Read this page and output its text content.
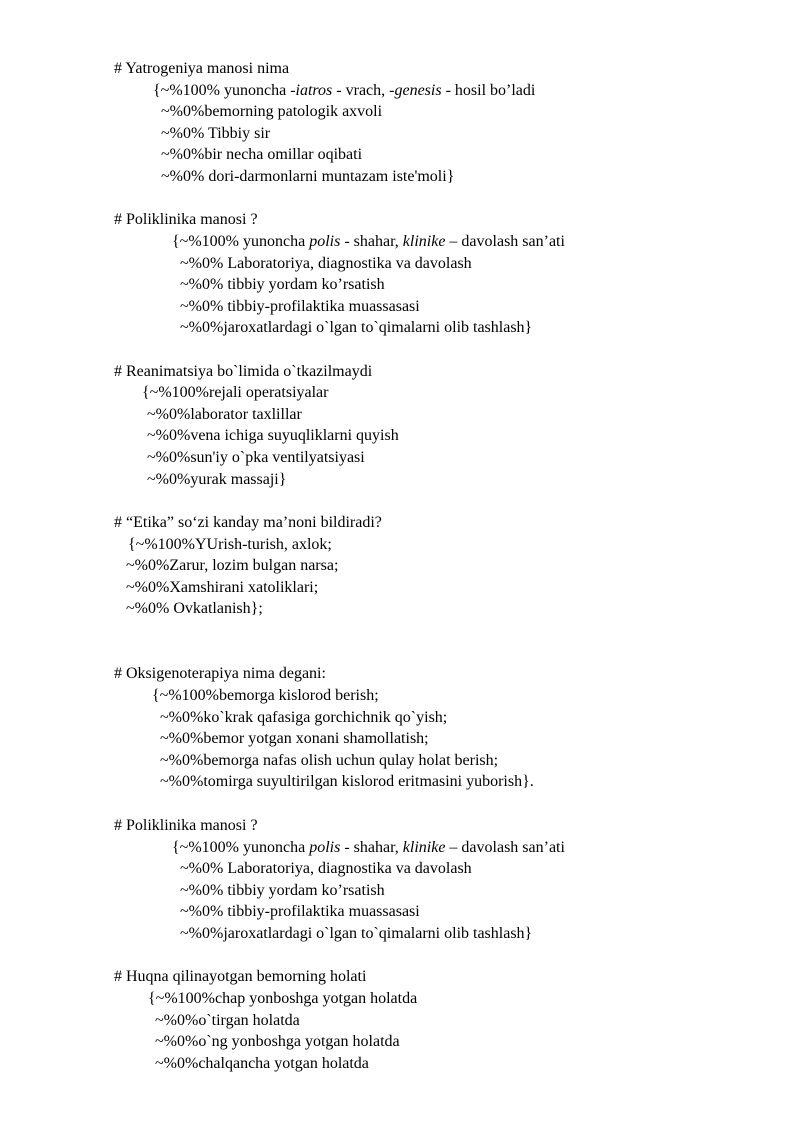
# Yatrogeniya manosi nima
{~%100% yunoncha -iatros - vrach, -genesis - hosil bo’ladi
~%0%bemorning patologik axvoli
~%0% Tibbiy sir
~%0%bir necha omillar oqibati
~%0% dori-darmonlarni muntazam iste'moli}
# Poliklinika manosi ?
{~%100% yunoncha polis - shahar, klinike – davolash san’ati
~%0% Laboratoriya, diagnostika va davolash
~%0% tibbiy yordam ko’rsatish
~%0% tibbiy-profilaktika muassasasi
~%0%jaroxatlardagi o`lgan to`qimalarni olib tashlash}
# Reanimatsiya bo`limida o`tkazilmaydi
{~%100%rejali operatsiyalar
~%0%laborator taxlillar
~%0%vena ichiga suyuqliklarni quyish
~%0%sun'iy o`pka ventilyatsiyasi
~%0%yurak massaji}
# “Etika” so‘zi kanday ma’noni bildiradi?
{~%100%YUrish-turish, axlok;
~%0%Zarur, lozim bulgan narsa;
~%0%Xamshirani xatoliklari;
~%0% Ovkatlanish};
# Oksigenoterapiya nima degani:
{~%100%bemorga kislorod berish;
~%0%ko`krak qafasiga gorchichnik qo`yish;
~%0%bemor yotgan xonani shamollatish;
~%0%bemorga nafas olish uchun qulay holat berish;
~%0%tomirga suyultirilgan kislorod eritmasini yuborish}.
# Poliklinika manosi ?
{~%100% yunoncha polis - shahar, klinike – davolash san’ati
~%0% Laboratoriya, diagnostika va davolash
~%0% tibbiy yordam ko’rsatish
~%0% tibbiy-profilaktika muassasasi
~%0%jaroxatlardagi o`lgan to`qimalarni olib tashlash}
# Huqna qilinayotgan bemorning holati
{~%100%chap yonboshga yotgan holatda
~%0%o`tirgan holatda
~%0%o`ng yonboshga yotgan holatda
~%0%chalqancha yotgan holatda
